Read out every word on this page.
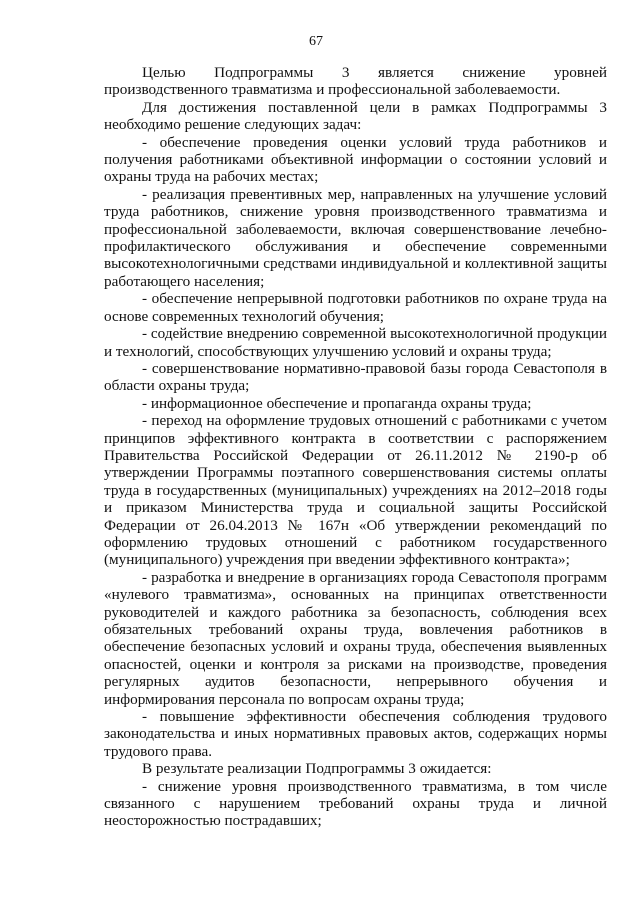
67

Целью Подпрограммы 3 является снижение уровней производственного травматизма и профессиональной заболеваемости.

Для достижения поставленной цели в рамках Подпрограммы 3 необходимо решение следующих задач:

- обеспечение проведения оценки условий труда работников и получения работниками объективной информации о состоянии условий и охраны труда на рабочих местах;

- реализация превентивных мер, направленных на улучшение условий труда работников, снижение уровня производственного травматизма и профессиональной заболеваемости, включая совершенствование лечебно-профилактического обслуживания и обеспечение современными высокотехнологичными средствами индивидуальной и коллективной защиты работающего населения;

- обеспечение непрерывной подготовки работников по охране труда на основе современных технологий обучения;

- содействие внедрению современной высокотехнологичной продукции и технологий, способствующих улучшению условий и охраны труда;

- совершенствование нормативно-правовой базы города Севастополя в области охраны труда;

- информационное обеспечение и пропаганда охраны труда;

- переход на оформление трудовых отношений с работниками с учетом принципов эффективного контракта в соответствии с распоряжением Правительства Российской Федерации от 26.11.2012 № 2190-р об утверждении Программы поэтапного совершенствования системы оплаты труда в государственных (муниципальных) учреждениях на 2012–2018 годы и приказом Министерства труда и социальной защиты Российской Федерации от 26.04.2013 № 167н «Об утверждении рекомендаций по оформлению трудовых отношений с работником государственного (муниципального) учреждения при введении эффективного контракта»;

- разработка и внедрение в организациях города Севастополя программ «нулевого травматизма», основанных на принципах ответственности руководителей и каждого работника за безопасность, соблюдения всех обязательных требований охраны труда, вовлечения работников в обеспечение безопасных условий и охраны труда, обеспечения выявленных опасностей, оценки и контроля за рисками на производстве, проведения регулярных аудитов безопасности, непрерывного обучения и информирования персонала по вопросам охраны труда;

- повышение эффективности обеспечения соблюдения трудового законодательства и иных нормативных правовых актов, содержащих нормы трудового права.

В результате реализации Подпрограммы 3 ожидается:

- снижение уровня производственного травматизма, в том числе связанного с нарушением требований охраны труда и личной неосторожностью пострадавших;
